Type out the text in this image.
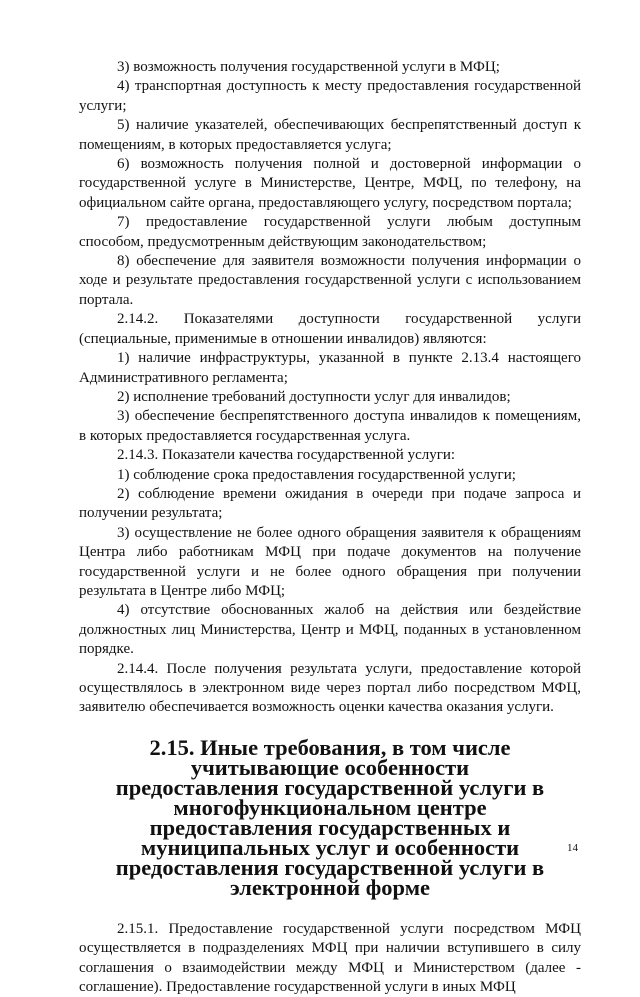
3) возможность получения государственной услуги в МФЦ;

4) транспортная доступность к месту предоставления государственной услуги;

5) наличие указателей, обеспечивающих беспрепятственный доступ к помещениям, в которых предоставляется услуга;

6) возможность получения полной и достоверной информации о государственной услуге в Министерстве, Центре, МФЦ, по телефону, на официальном сайте органа, предоставляющего услугу, посредством портала;

7) предоставление государственной услуги любым доступным способом, предусмотренным действующим законодательством;

8) обеспечение для заявителя возможности получения информации о ходе и результате предоставления государственной услуги с использованием портала.

2.14.2. Показателями доступности государственной услуги (специальные, применимые в отношении инвалидов) являются:

1) наличие инфраструктуры, указанной в пункте 2.13.4 настоящего Административного регламента;

2) исполнение требований доступности услуг для инвалидов;

3) обеспечение беспрепятственного доступа инвалидов к помещениям, в которых предоставляется государственная услуга.

2.14.3. Показатели качества государственной услуги:

1) соблюдение срока предоставления государственной услуги;

2) соблюдение времени ожидания в очереди при подаче запроса и получении результата;

3) осуществление не более одного обращения заявителя к обращениям Центра либо работникам МФЦ при подаче документов на получение государственной услуги и не более одного обращения при получении результата в Центре либо МФЦ;

4) отсутствие обоснованных жалоб на действия или бездействие должностных лиц Министерства, Центр и МФЦ, поданных в установленном порядке.

2.14.4. После получения результата услуги, предоставление которой осуществлялось в электронном виде через портал либо посредством МФЦ, заявителю обеспечивается возможность оценки качества оказания услуги.

2.15. Иные требования, в том числе учитывающие особенности
предоставления государственной услуги в многофункциональном центре
предоставления государственных и муниципальных услуг и особенности
предоставления государственной услуги в электронной форме

2.15.1. Предоставление государственной услуги посредством МФЦ осуществляется в подразделениях МФЦ при наличии вступившего в силу соглашения о взаимодействии между МФЦ и Министерством (далее - соглашение). Предоставление государственной услуги в иных МФЦ

14
